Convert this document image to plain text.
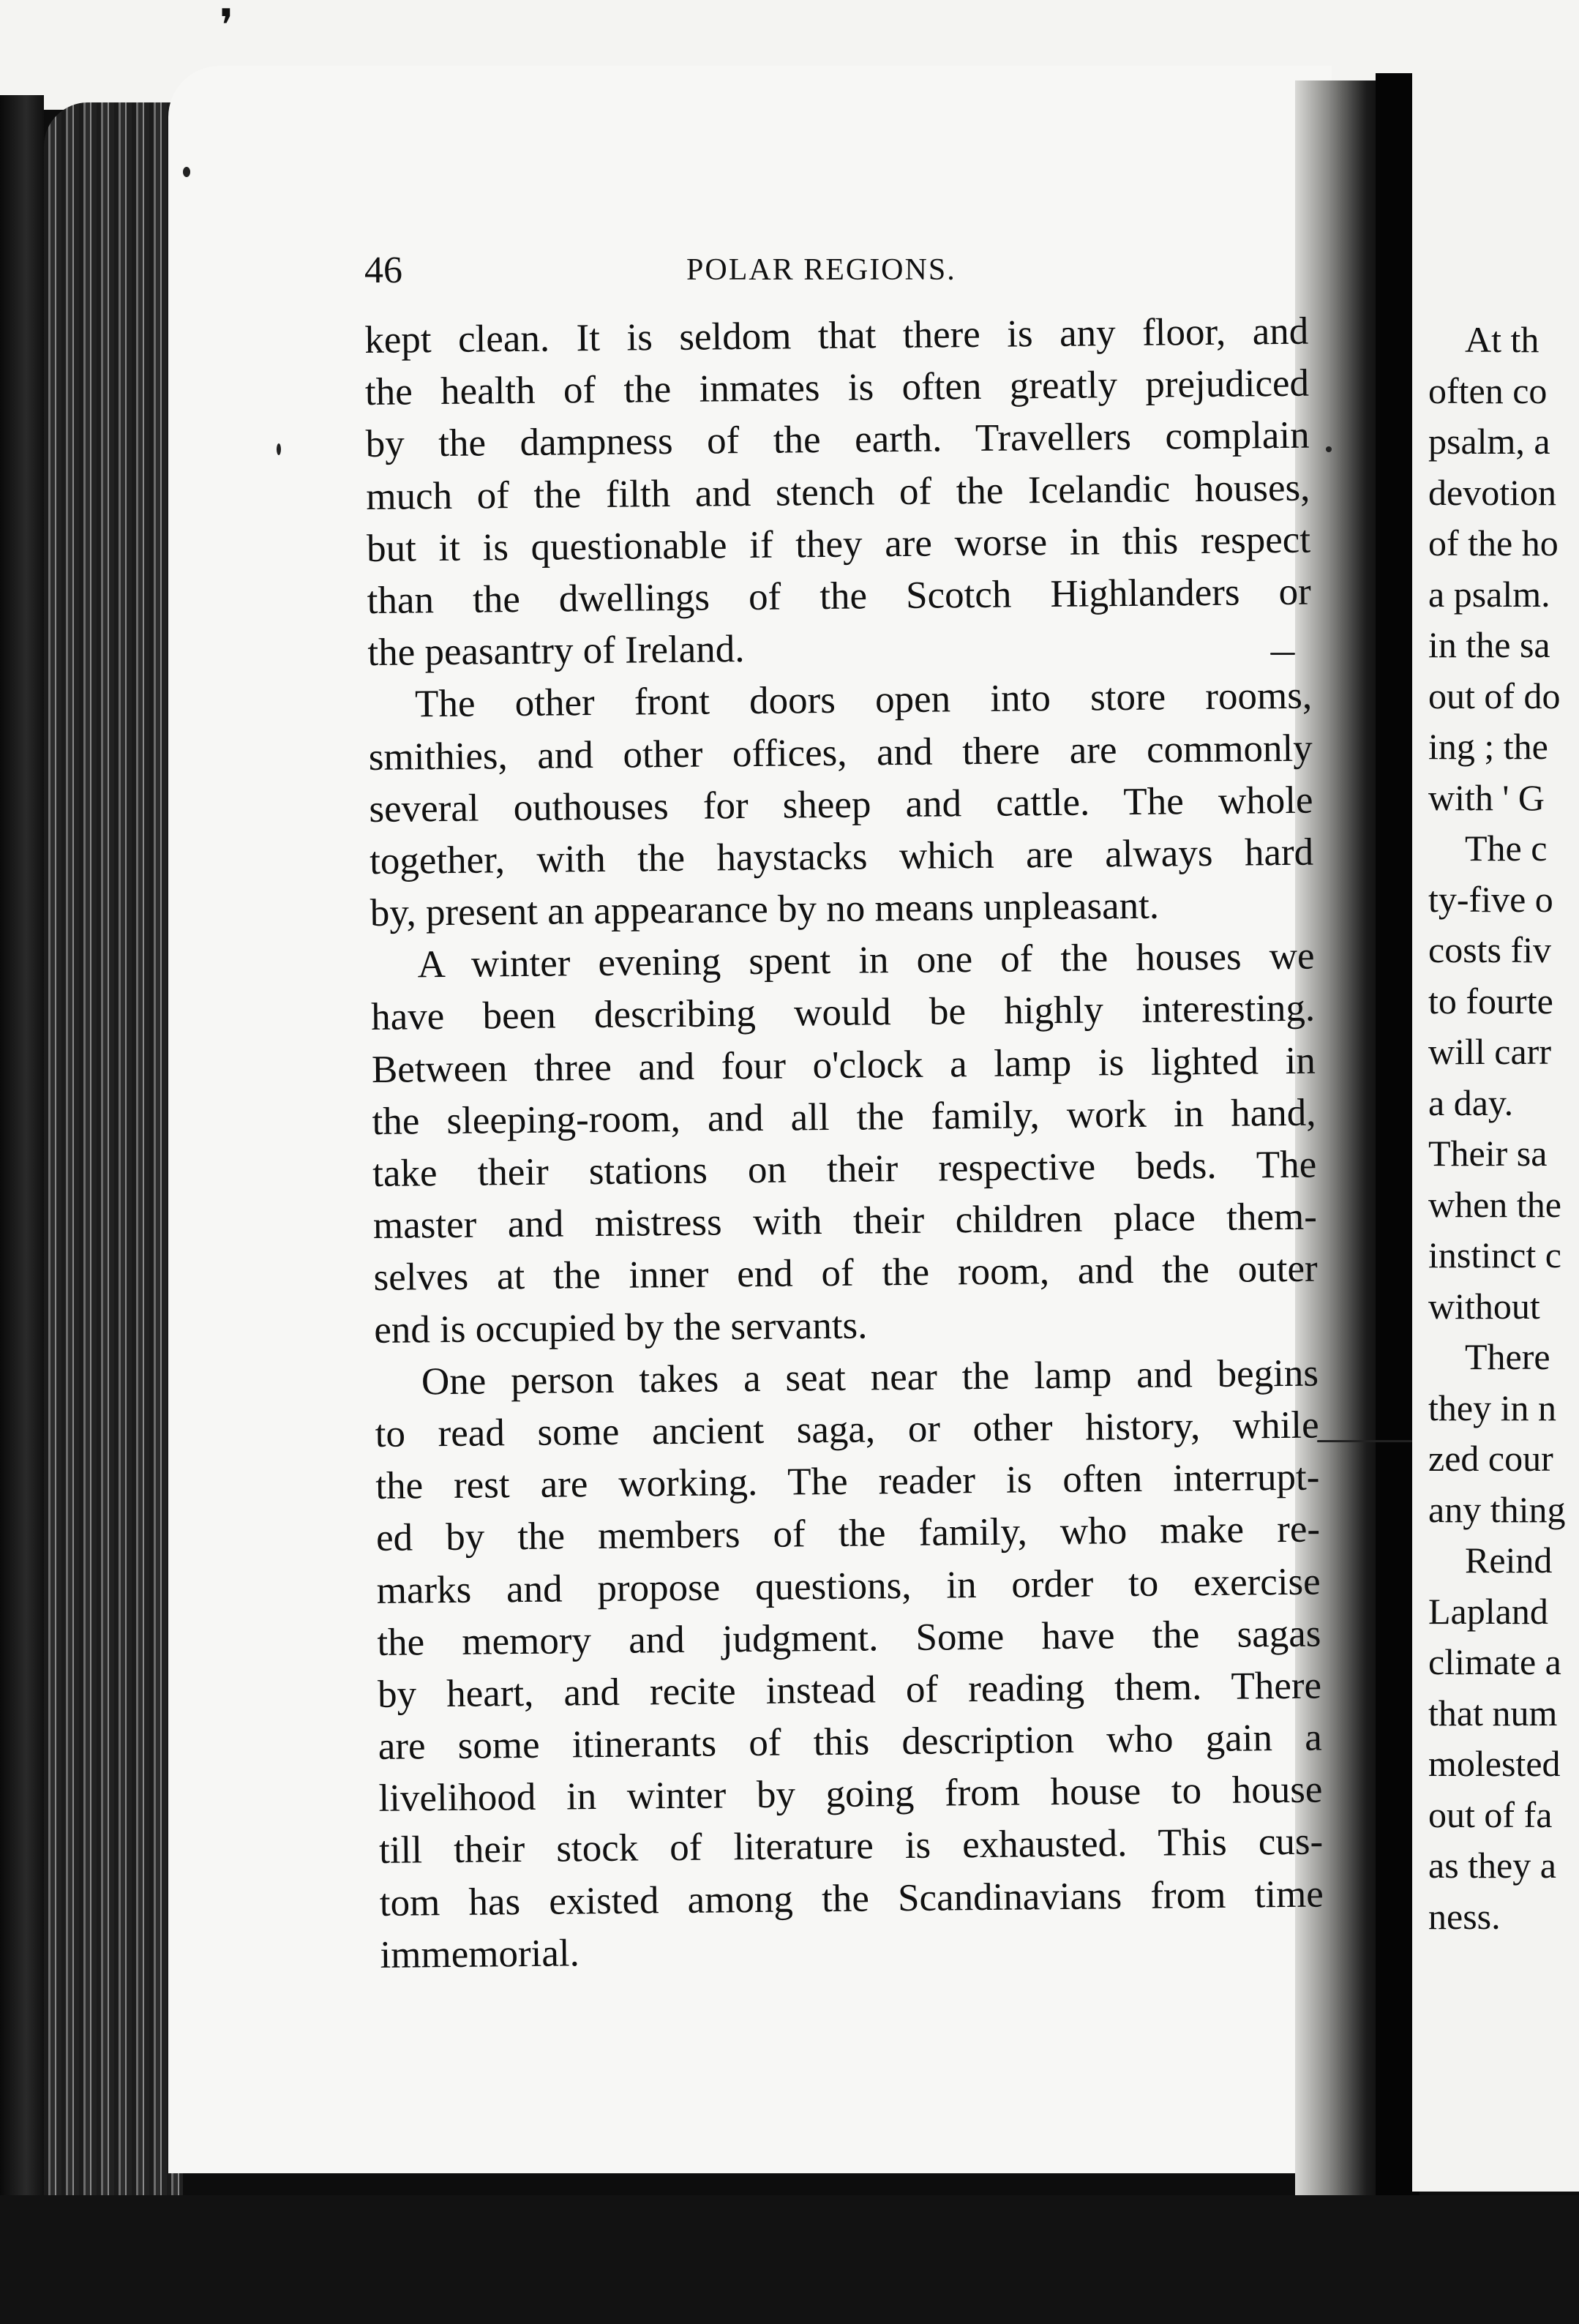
❜
46	POLAR REGIONS.
kept clean. It is seldom that there is any floor, and
the health of the inmates is often greatly prejudiced
by the dampness of the earth. Travellers complain
much of the filth and stench of the Icelandic houses,
but it is questionable if they are worse in this respect
than the dwellings of the Scotch Highlanders or
the peasantry of Ireland.
The other front doors open into store rooms,
smithies, and other offices, and there are commonly
several outhouses for sheep and cattle. The whole
together, with the haystacks which are always hard
by, present an appearance by no means unpleasant.
A winter evening spent in one of the houses we
have been describing would be highly interesting.
Between three and four o'clock a lamp is lighted in
the sleeping-room, and all the family, work in hand,
take their stations on their respective beds. The
master and mistress with their children place them-
selves at the inner end of the room, and the outer
end is occupied by the servants.
One person takes a seat near the lamp and begins
to read some ancient saga, or other history, while
the rest are working. The reader is often interrupt-
ed by the members of the family, who make re-
marks and propose questions, in order to exercise
the memory and judgment. Some have the sagas
by heart, and recite instead of reading them. There
are some itinerants of this description who gain a
livelihood in winter by going from house to house
till their stock of literature is exhausted. This cus-
tom has existed among the Scandinavians from time
immemorial.
At th
often co
psalm, a
devotion
of the ho
a psalm.
in the sa
out of do
ing ; the
with ' G
The c
ty-five o
costs fiv
to fourte
will carr
a day.
Their sa
when the
instinct c
without
There
they in n
zed cour
any thing
Reind
Lapland
climate a
that num
molested
out of fa
as they a
ness.
